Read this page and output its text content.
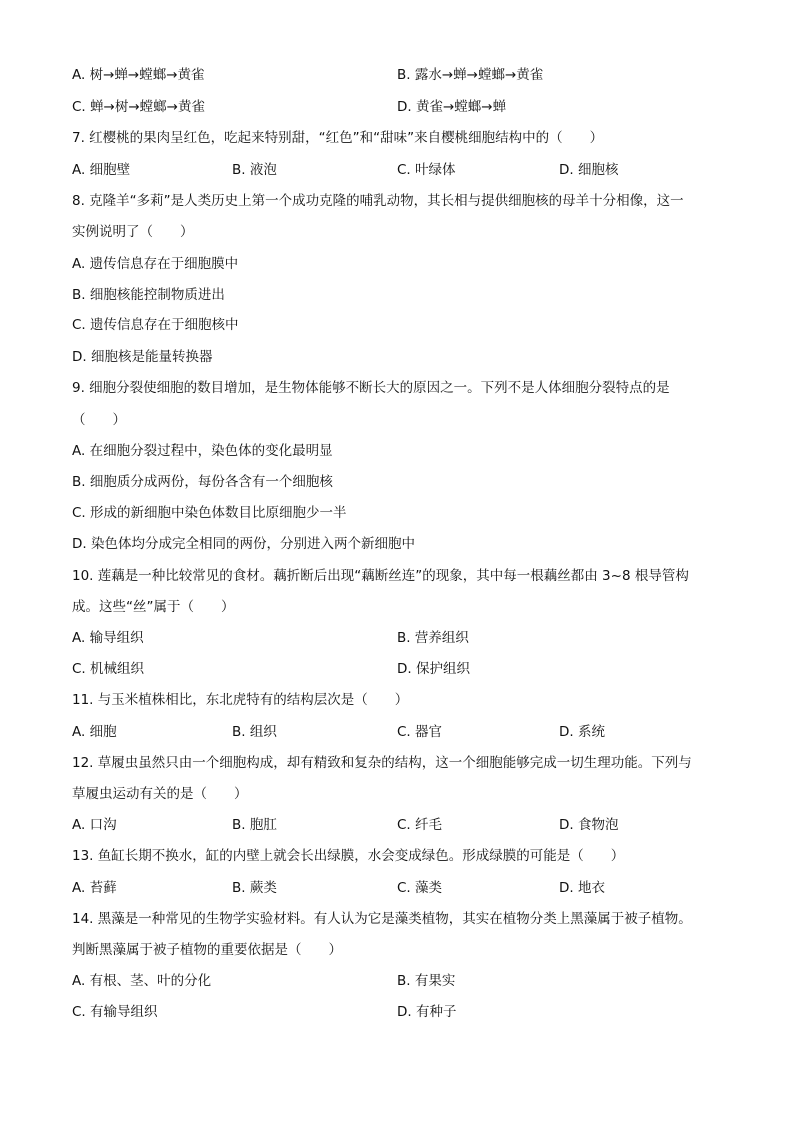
A. 树→蝉→螳螂→黄雀	B. 露水→蝉→螳螂→黄雀
C. 蝉→树→螳螂→黄雀	D. 黄雀→螳螂→蝉
7. 红樱桃的果肉呈红色，吃起来特别甜，“红色”和“甜味”来自樱桃细胞结构中的（　　）
A. 细胞壁	B. 液泡	C. 叶绿体	D. 细胞核
8. 克隆羊“多莉”是人类历史上第一个成功克隆的哺乳动物，其长相与提供细胞核的母羊十分相像，这一
实例说明了（　　）
A. 遗传信息存在于细胞膜中
B. 细胞核能控制物质进出
C. 遗传信息存在于细胞核中
D. 细胞核是能量转换器
9. 细胞分裂使细胞的数目增加，是生物体能够不断长大的原因之一。下列不是人体细胞分裂特点的是
（　　）
A. 在细胞分裂过程中，染色体的变化最明显
B. 细胞质分成两份，每份各含有一个细胞核
C. 形成的新细胞中染色体数目比原细胞少一半
D. 染色体均分成完全相同的两份，分别进入两个新细胞中
10. 莲藕是一种比较常见的食材。藕折断后出现“藕断丝连”的现象，其中每一根藕丝都由 3~8 根导管构
成。这些“丝”属于（　　）
A. 输导组织	B. 营养组织
C. 机械组织	D. 保护组织
11. 与玉米植株相比，东北虎特有的结构层次是（　　）
A. 细胞	B. 组织	C. 器官	D. 系统
12. 草履虫虽然只由一个细胞构成，却有精致和复杂的结构，这一个细胞能够完成一切生理功能。下列与
草履虫运动有关的是（　　）
A. 口沟	B. 胞肛	C. 纤毛	D. 食物泡
13. 鱼缸长期不换水，缸的内壁上就会长出绿膜，水会变成绿色。形成绿膜的可能是（　　）
A. 苔藓	B. 蕨类	C. 藻类	D. 地衣
14. 黑藻是一种常见的生物学实验材料。有人认为它是藻类植物，其实在植物分类上黑藻属于被子植物。
判断黑藻属于被子植物的重要依据是（　　）
A. 有根、茎、叶的分化	B. 有果实
C. 有输导组织	D. 有种子
